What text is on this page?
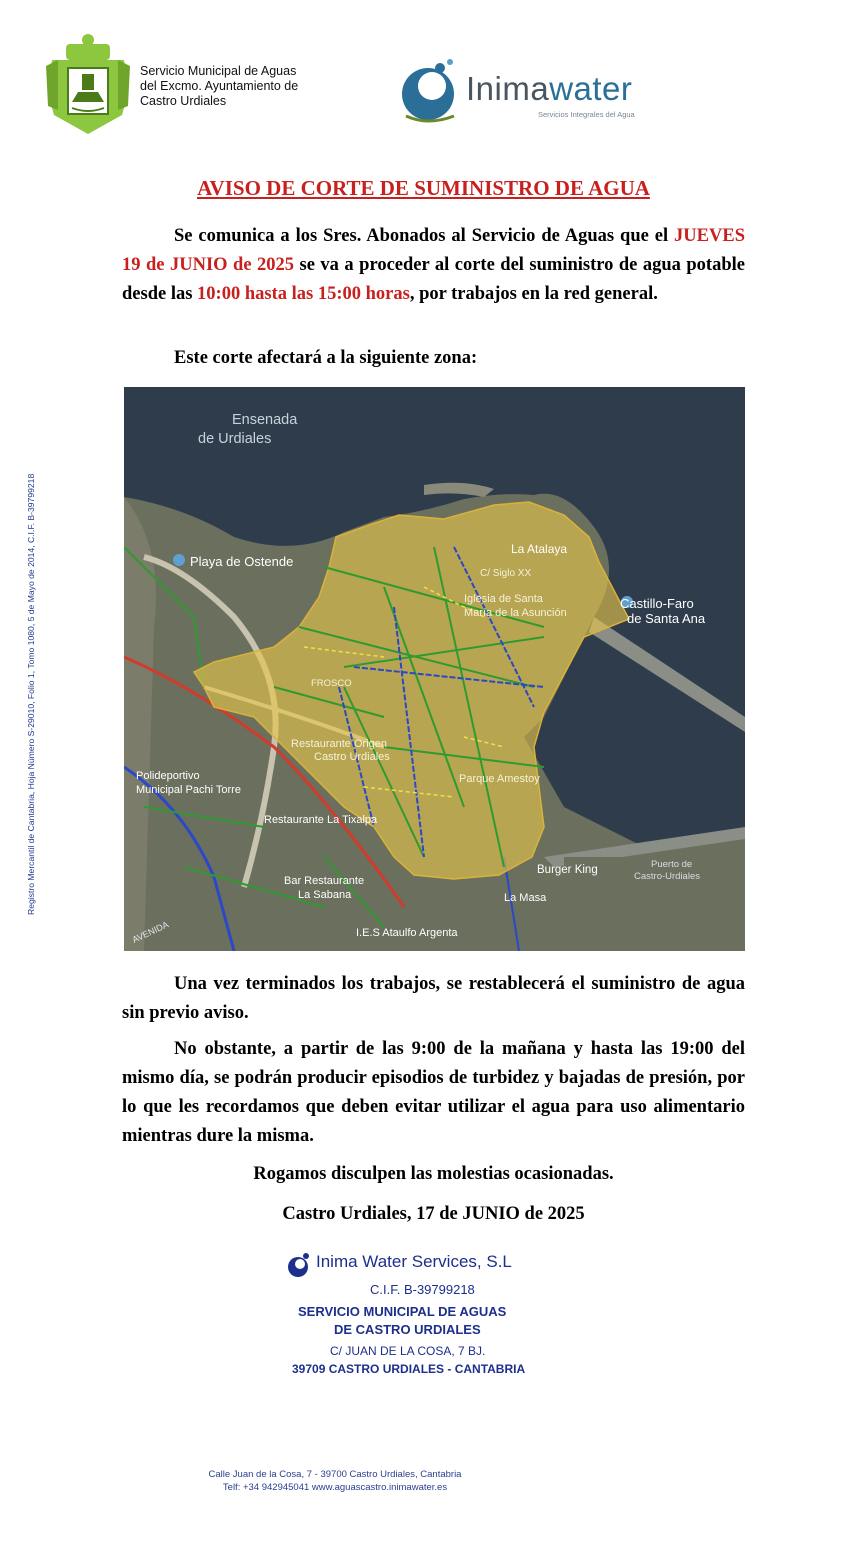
Servicio Municipal de Aguas
del Excmo. Ayuntamiento de
Castro Urdiales	Inimawater
Servicios Integrales del Agua
Registro Mercantil de Cantabria, Hoja Número S-29010, Folio 1, Tomo 1080, 5 de Mayo de 2014, C.I.F. B-39799218
AVISO DE CORTE DE SUMINISTRO DE AGUA
Se comunica a los Sres. Abonados al Servicio de Aguas que el JUEVES 19 de JUNIO de 2025 se va a proceder al corte del suministro de agua potable desde las 10:00 hasta las 15:00 horas, por trabajos en la red general.
Este corte afectará a la siguiente zona:
Ensenada
de Urdiales
Playa de Ostende
La Atalaya
C/ Siglo XX
Iglesia de Santa
María de la Asunción
Castillo-Faro
de Santa Ana
FROSCO
Restaurante Origen
Castro Urdiales
Parque Amestoy
Polideportivo
Municipal Pachi Torre
Restaurante La Tixalpa
Burger King	Puerto de
Castro-Urdiales
Bar Restaurante
La Sabana	La Masa
I.E.S Ataulfo Argenta
AVENIDA
Una vez terminados los trabajos, se restablecerá el suministro de agua sin previo aviso.
No obstante, a partir de las 9:00 de la mañana y hasta las 19:00 del mismo día, se podrán producir episodios de turbidez y bajadas de presión, por lo que les recordamos que deben evitar utilizar el agua para uso alimentario mientras dure la misma.
Rogamos disculpen las molestias ocasionadas.
Castro Urdiales, 17 de JUNIO de 2025
Inima Water Services, S.L
C.I.F. B-39799218
SERVICIO MUNICIPAL DE AGUAS
DE CASTRO URDIALES
C/ JUAN DE LA COSA, 7 BJ.
39709 CASTRO URDIALES - CANTABRIA
Calle Juan de la Cosa, 7 - 39700 Castro Urdiales, Cantabria
Telf: +34 942945041 www.aguascastro.inimawater.es
